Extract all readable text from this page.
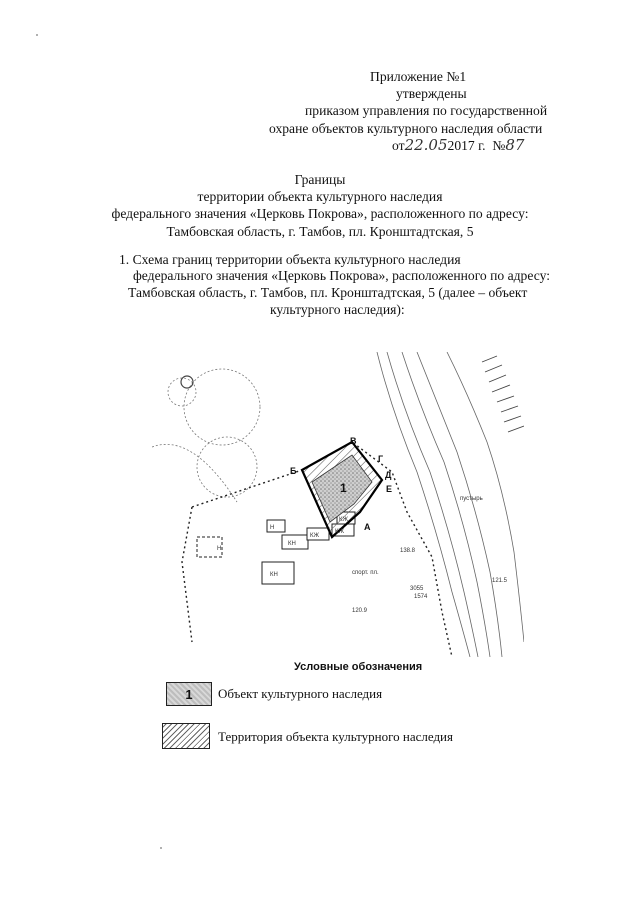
Приложение №1
утверждены
приказом управления по государственной
охране объектов культурного наследия области
от22.052017 г. №87
Границы
территории объекта культурного наследия
федерального значения «Церковь Покрова», расположенного по адресу:
Тамбовская область, г. Тамбов, пл. Кронштадтская, 5
1. Схема границ территории объекта культурного наследия
федерального значения «Церковь Покрова», расположенного по адресу:
Тамбовская область, г. Тамбов, пл. Кронштадтская, 5 (далее – объект
культурного наследия):
1
Б
В
Г
Д
Е
А
Н
Н
КН
КЖ
КЖ
КЖ
КН	спорт. пл.
пустырь
3055
1574
120.9
138.8
121.5
Условные обозначения
1 Объект культурного наследия
Территория объекта культурного наследия
